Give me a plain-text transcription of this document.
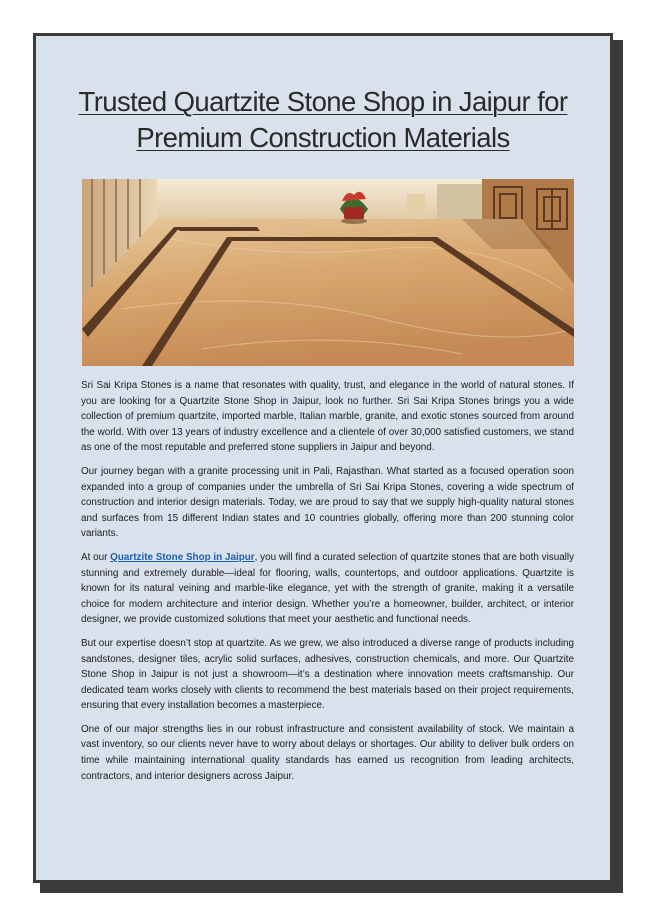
Trusted Quartzite Stone Shop in Jaipur for
Premium Construction Materials

Sri Sai Kripa Stones is a name that resonates with quality, trust, and elegance in the world of natural stones. If you are looking for a Quartzite Stone Shop in Jaipur, look no further. Sri Sai Kripa Stones brings you a wide collection of premium quartzite, imported marble, Italian marble, granite, and exotic stones sourced from around the world. With over 13 years of industry excellence and a clientele of over 30,000 satisfied customers, we stand as one of the most reputable and preferred stone suppliers in Jaipur and beyond.

Our journey began with a granite processing unit in Pali, Rajasthan. What started as a focused operation soon expanded into a group of companies under the umbrella of Sri Sai Kripa Stones, covering a wide spectrum of construction and interior design materials. Today, we are proud to say that we supply high-quality natural stones and surfaces from 15 different Indian states and 10 countries globally, offering more than 200 stunning color variants.

At our Quartzite Stone Shop in Jaipur, you will find a curated selection of quartzite stones that are both visually stunning and extremely durable—ideal for flooring, walls, countertops, and outdoor applications. Quartzite is known for its natural veining and marble-like elegance, yet with the strength of granite, making it a versatile choice for modern architecture and interior design. Whether you’re a homeowner, builder, architect, or interior designer, we provide customized solutions that meet your aesthetic and functional needs.

But our expertise doesn’t stop at quartzite. As we grew, we also introduced a diverse range of products including sandstones, designer tiles, acrylic solid surfaces, adhesives, construction chemicals, and more. Our Quartzite Stone Shop in Jaipur is not just a showroom—it’s a destination where innovation meets craftsmanship. Our dedicated team works closely with clients to recommend the best materials based on their project requirements, ensuring that every installation becomes a masterpiece.

One of our major strengths lies in our robust infrastructure and consistent availability of stock. We maintain a vast inventory, so our clients never have to worry about delays or shortages. Our ability to deliver bulk orders on time while maintaining international quality standards has earned us recognition from leading architects, contractors, and interior designers across Jaipur.
